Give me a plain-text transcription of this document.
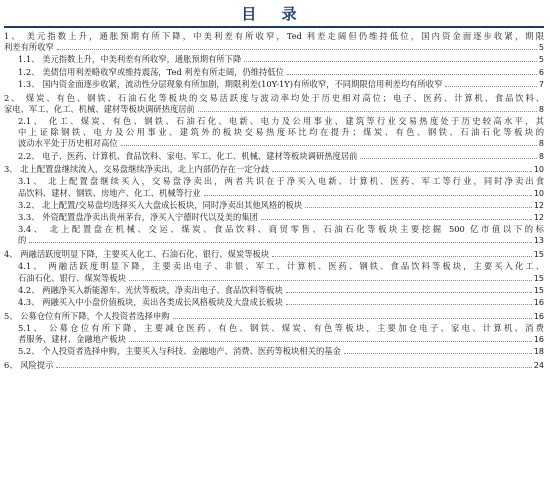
目 录
1、 美元指数上升，通胀预期有所下降，中美利差有所收窄，Ted 利差走阔但仍维持低位，国内资金面逐步收紧，期限
利差有所收窄	5
1.1、 美元指数上升，中美利差有所收窄，通胀预期有所下降	5
1.2、 美债信用利差略收窄或维持震荡，Ted 利差有所走阔，仍维持低位	6
1.3、 国内资金面逐步收紧，流动性分层现象有所加剧，期限利差(10Y-1Y)有所收窄，不同期限信用利差均有所收窄	7
2、 煤炭、有色、钢铁、石油石化等板块的交易活跃度与波动率均处于历史相对高位；电子、医药、计算机、食品饮料、
家电、军工、化工、机械、建材等板块调研热度居前	8
2.1、 化工、煤炭、有色、钢铁、石油石化、电新、电力及公用事业、建筑等行业交易热度处于历史较高水平，其
中上证除钢铁、电力及公用事业、建筑外的板块交易热度环比均在提升；煤炭、有色、钢铁、石油石化等板块的
波动水平处于历史相对高位	8
2.2、 电子、医药、计算机、食品饮料、家电、军工、化工、机械、建材等板块调研热度居前	8
3、 北上配置盘继续流入，交易盘继续净卖出，北上内部仍存在一定分歧	10
3.1、 北上配置盘继续买入，交易盘净卖出，两者共识在于净买入电新、计算机、医药、军工等行业，同时净卖出食
品饮料、建材、钢铁、房地产、化工、机械等行业	10
3.2、 北上配置/交易盘均选择买入大盘成长板块，同时净卖出其他风格的板块	12
3.3、 外资配置盘净卖出贵州茅台，净买入宁德时代以及美的集团	12
3.4、 北上配置盘在机械、交运、煤炭、食品饮料、商贸零售、石油石化等板块主要挖掘 500 亿市值以下的标
的	13
4、 两融活跃度明显下降，主要买入化工、石油石化、银行、煤炭等板块	15
4.1、 两融活跃度明显下降，主要卖出电子、非银、军工、计算机、医药、钢铁、食品饮料等板块，主要买入化工、
石油石化、银行、煤炭等板块	15
4.2、 两融净买入新能源车、光伏等板块，净卖出电子、食品饮料等板块	15
4.3、 两融买入中小盘价值板块，卖出各类成长风格板块及大盘成长板块	16
5、 公募仓位有所下降，个人投资者选择申购	16
5.1、 公募仓位有所下降，主要减仓医药、有色、钢铁、煤炭、有色等板块，主要加仓电子、家电、计算机、消费
者服务、建材、金融地产板块	16
5.2、 个人投资者选择申购，主要买入与科技、金融地产、消费、医药等板块相关的基金	18
6、 风险提示	24
